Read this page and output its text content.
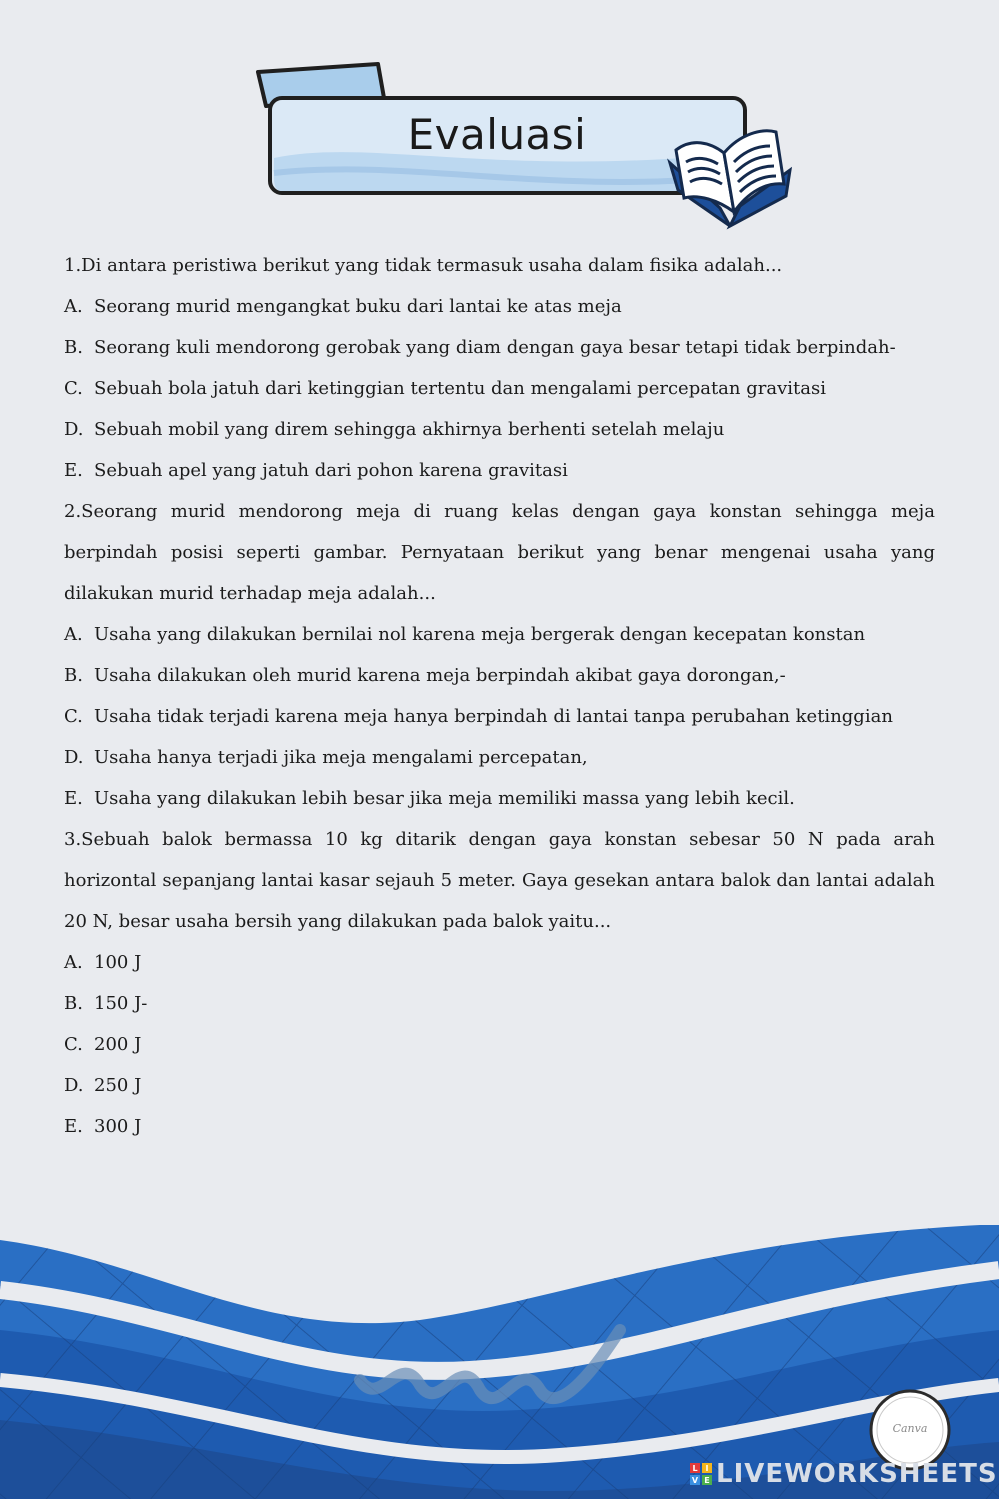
Evaluasi
1.Di antara peristiwa berikut yang tidak termasuk usaha dalam fisika adalah...
A. Seorang murid mengangkat buku dari lantai ke atas meja
B. Seorang kuli mendorong gerobak yang diam dengan gaya besar tetapi tidak berpindah-
C. Sebuah bola jatuh dari ketinggian tertentu dan mengalami percepatan gravitasi
D. Sebuah mobil yang direm sehingga akhirnya berhenti setelah melaju
E. Sebuah apel yang jatuh dari pohon karena gravitasi
2.Seorang murid mendorong meja di ruang kelas dengan gaya konstan sehingga meja berpindah posisi seperti gambar. Pernyataan berikut yang benar mengenai usaha yang dilakukan murid terhadap meja adalah...
A. Usaha yang dilakukan bernilai nol karena meja bergerak dengan kecepatan konstan
B. Usaha dilakukan oleh murid karena meja berpindah akibat gaya dorongan,-
C. Usaha tidak terjadi karena meja hanya berpindah di lantai tanpa perubahan ketinggian
D. Usaha hanya terjadi jika meja mengalami percepatan,
E. Usaha yang dilakukan lebih besar jika meja memiliki massa yang lebih kecil.
3.Sebuah balok bermassa 10 kg ditarik dengan gaya konstan sebesar 50 N pada arah horizontal sepanjang lantai kasar sejauh 5 meter. Gaya gesekan antara balok dan lantai adalah 20 N, besar usaha bersih yang dilakukan pada balok yaitu...
A. 100 J
B. 150 J-
C. 200 J
D. 250 J
E. 300 J
Canva
L I
V E LIVEWORKSHEETS
